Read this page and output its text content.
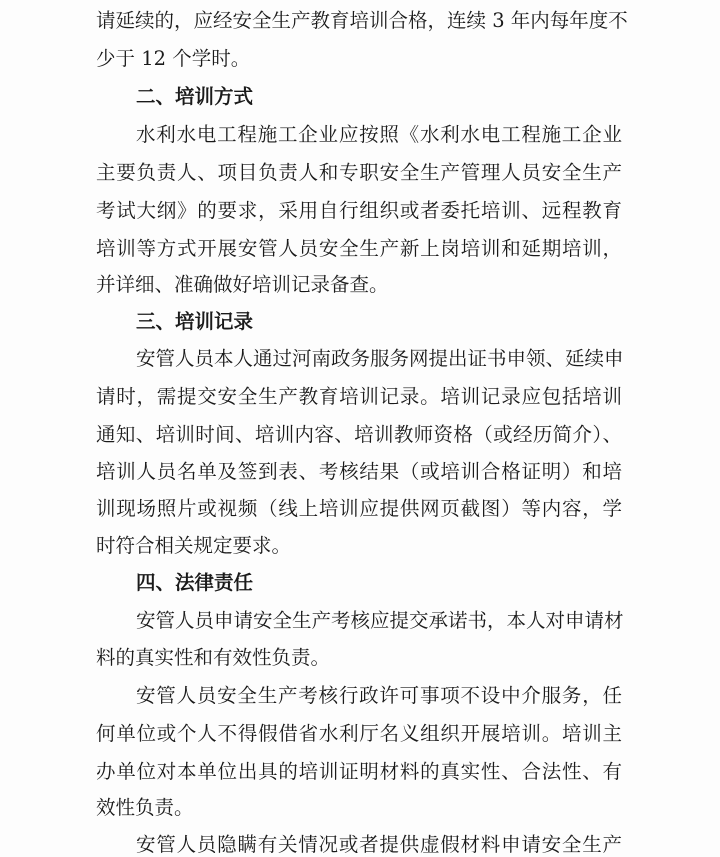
请延续的，应经安全生产教育培训合格，连续 3 年内每年度不
少于 12 个学时。
二、培训方式
水利水电工程施工企业应按照《水利水电工程施工企业
主要负责人、项目负责人和专职安全生产管理人员安全生产
考试大纲》的要求，采用自行组织或者委托培训、远程教育
培训等方式开展安管人员安全生产新上岗培训和延期培训，
并详细、准确做好培训记录备查。
三、培训记录
安管人员本人通过河南政务服务网提出证书申领、延续申
请时，需提交安全生产教育培训记录。培训记录应包括培训
通知、培训时间、培训内容、培训教师资格（或经历简介）、
培训人员名单及签到表、考核结果（或培训合格证明）和培
训现场照片或视频（线上培训应提供网页截图）等内容，学
时符合相关规定要求。
四、法律责任
安管人员申请安全生产考核应提交承诺书，本人对申请材
料的真实性和有效性负责。
安管人员安全生产考核行政许可事项不设中介服务，任
何单位或个人不得假借省水利厅名义组织开展培训。培训主
办单位对本单位出具的培训证明材料的真实性、合法性、有
效性负责。
安管人员隐瞒有关情况或者提供虚假材料申请安全生产
